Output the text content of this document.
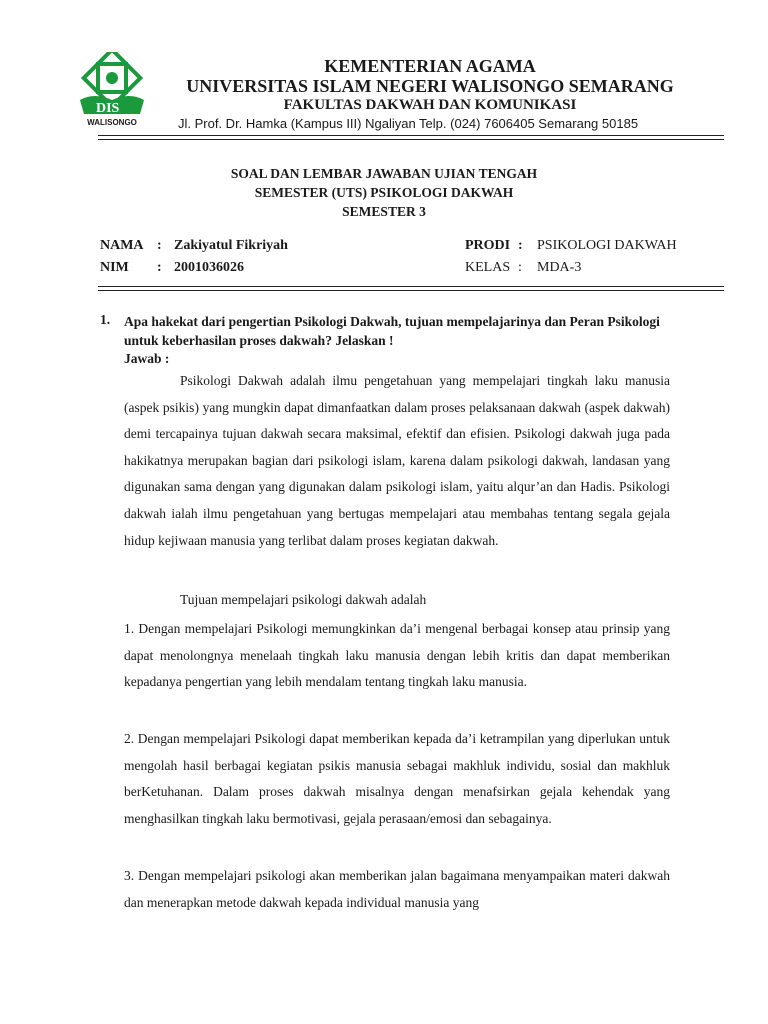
DIS
WALISONGO
KEMENTERIAN AGAMA
UNIVERSITAS ISLAM NEGERI WALISONGO SEMARANG
FAKULTAS DAKWAH DAN KOMUNIKASI
Jl. Prof. Dr. Hamka (Kampus III) Ngaliyan Telp. (024) 7606405 Semarang 50185
SOAL DAN LEMBAR JAWABAN UJIAN TENGAH
SEMESTER (UTS) PSIKOLOGI DAKWAH
SEMESTER 3
NAMA : Zakiyatul Fikriyah
NIM : 2001036026
PRODI : PSIKOLOGI DAKWAH
KELAS : MDA-3
1. Apa hakekat dari pengertian Psikologi Dakwah, tujuan mempelajarinya dan Peran Psikologi untuk keberhasilan proses dakwah? Jelaskan !
Jawab :
Psikologi Dakwah adalah ilmu pengetahuan yang mempelajari tingkah laku manusia (aspek psikis) yang mungkin dapat dimanfaatkan dalam proses pelaksanaan dakwah (aspek dakwah) demi tercapainya tujuan dakwah secara maksimal, efektif dan efisien. Psikologi dakwah juga pada hakikatnya merupakan bagian dari psikologi islam, karena dalam psikologi dakwah, landasan yang digunakan sama dengan yang digunakan dalam psikologi islam, yaitu alqur’an dan Hadis. Psikologi dakwah ialah ilmu pengetahuan yang bertugas mempelajari atau membahas tentang segala gejala hidup kejiwaan manusia yang terlibat dalam proses kegiatan dakwah.
Tujuan mempelajari psikologi dakwah adalah
1. Dengan mempelajari Psikologi memungkinkan da’i mengenal berbagai konsep atau prinsip yang dapat menolongnya menelaah tingkah laku manusia dengan lebih kritis dan dapat memberikan kepadanya pengertian yang lebih mendalam tentang tingkah laku manusia.
2. Dengan mempelajari Psikologi dapat memberikan kepada da’i ketrampilan yang diperlukan untuk mengolah hasil berbagai kegiatan psikis manusia sebagai makhluk individu, sosial dan makhluk berKetuhanan. Dalam proses dakwah misalnya dengan menafsirkan gejala kehendak yang menghasilkan tingkah laku bermotivasi, gejala perasaan/emosi dan sebagainya.
3. Dengan mempelajari psikologi akan memberikan jalan bagaimana menyampaikan materi dakwah dan menerapkan metode dakwah kepada individual manusia yang
